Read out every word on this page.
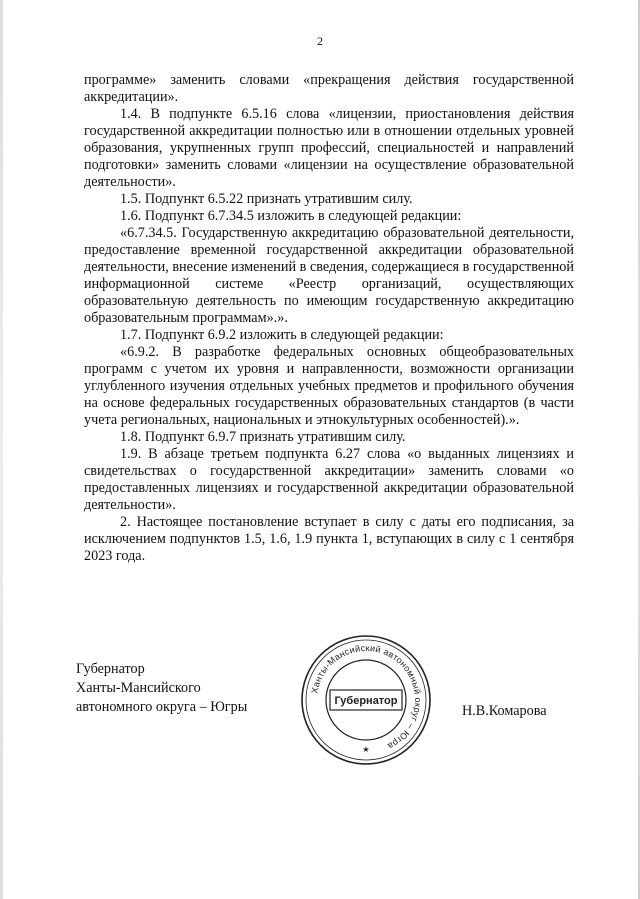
2

программе» заменить словами «прекращения действия государственной аккредитации».

1.4. В подпункте 6.5.16 слова «лицензии, приостановления действия государственной аккредитации полностью или в отношении отдельных уровней образования, укрупненных групп профессий, специальностей и направлений подготовки» заменить словами «лицензии на осуществление образовательной деятельности».

1.5. Подпункт 6.5.22 признать утратившим силу.

1.6. Подпункт 6.7.34.5 изложить в следующей редакции:

«6.7.34.5. Государственную аккредитацию образовательной деятельности, предоставление временной государственной аккредитации образовательной деятельности, внесение изменений в сведения, содержащиеся в государственной информационной системе «Реестр организаций, осуществляющих образовательную деятельность по имеющим государственную аккредитацию образовательным программам».».

1.7. Подпункт 6.9.2 изложить в следующей редакции:

«6.9.2. В разработке федеральных основных общеобразовательных программ с учетом их уровня и направленности, возможности организации углубленного изучения отдельных учебных предметов и профильного обучения на основе федеральных государственных образовательных стандартов (в части учета региональных, национальных и этнокультурных особенностей).».

1.8. Подпункт 6.9.7 признать утратившим силу.

1.9. В абзаце третьем подпункта 6.27 слова «о выданных лицензиях и свидетельствах о государственной аккредитации» заменить словами «о предоставленных лицензиях и государственной аккредитации образовательной деятельности».

2. Настоящее постановление вступает в силу с даты его подписания, за исключением подпунктов 1.5, 1.6, 1.9 пункта 1, вступающих в силу с 1 сентября 2023 года.

Губернатор
Ханты-Мансийского
автономного округа – Югры
Ханты-Мансийский автономный округ – Югра
Губернатор
★
Н.В.Комарова
